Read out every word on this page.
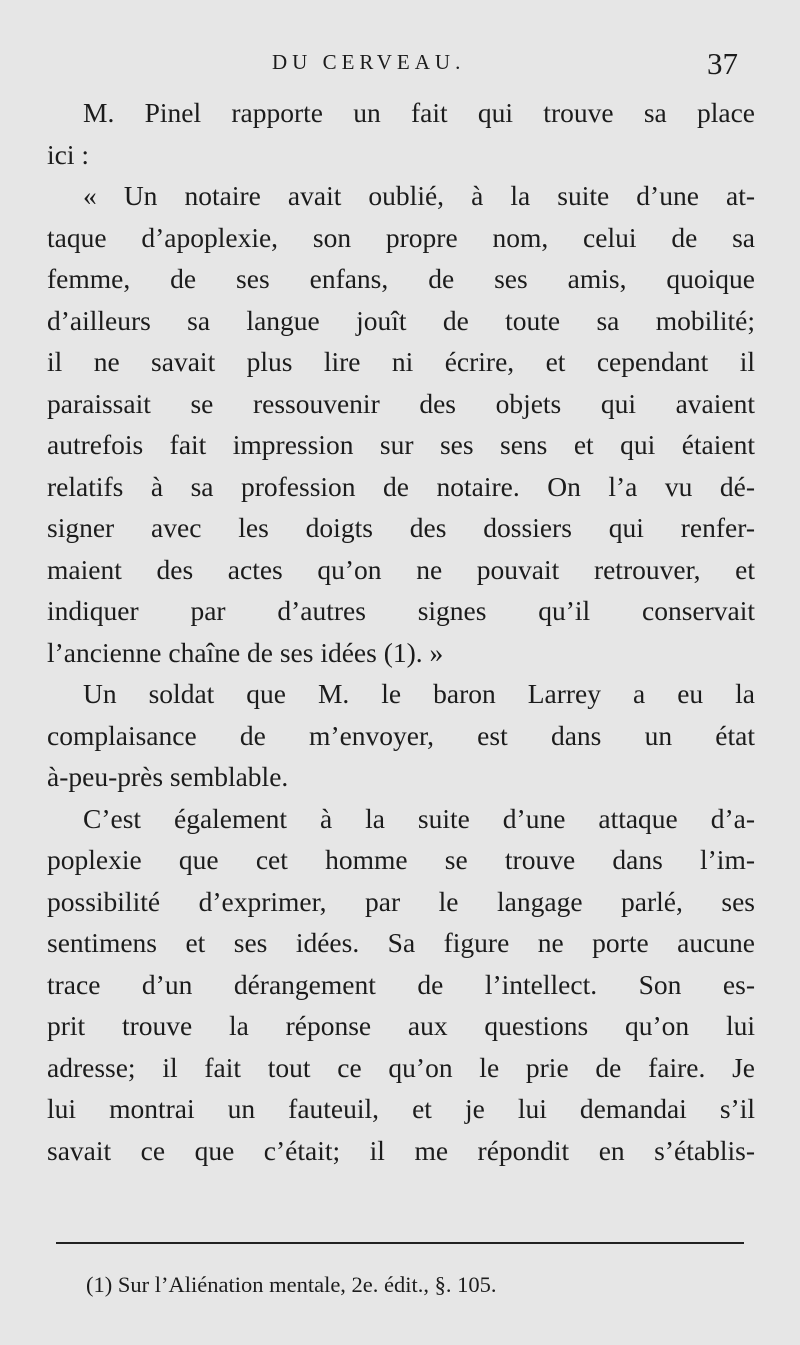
DU CERVEAU.	37
M. Pinel rapporte un fait qui trouve sa place
ici :
« Un notaire avait oublié, à la suite d’une at-
taque d’apoplexie, son propre nom, celui de sa
femme, de ses enfans, de ses amis, quoique
d’ailleurs sa langue jouît de toute sa mobilité;
il ne savait plus lire ni écrire, et cependant il
paraissait se ressouvenir des objets qui avaient
autrefois fait impression sur ses sens et qui étaient
relatifs à sa profession de notaire. On l’a vu dé-
signer avec les doigts des dossiers qui renfer-
maient des actes qu’on ne pouvait retrouver, et
indiquer par d’autres signes qu’il conservait
l’ancienne chaîne de ses idées (1). »
Un soldat que M. le baron Larrey a eu la
complaisance de m’envoyer, est dans un état
à-peu-près semblable.
C’est également à la suite d’une attaque d’a-
poplexie que cet homme se trouve dans l’im-
possibilité d’exprimer, par le langage parlé, ses
sentimens et ses idées. Sa figure ne porte aucune
trace d’un dérangement de l’intellect. Son es-
prit trouve la réponse aux questions qu’on lui
adresse; il fait tout ce qu’on le prie de faire. Je
lui montrai un fauteuil, et je lui demandai s’il
savait ce que c’était; il me répondit en s’établis-
(1) Sur l’Aliénation mentale, 2e. édit., §. 105.
